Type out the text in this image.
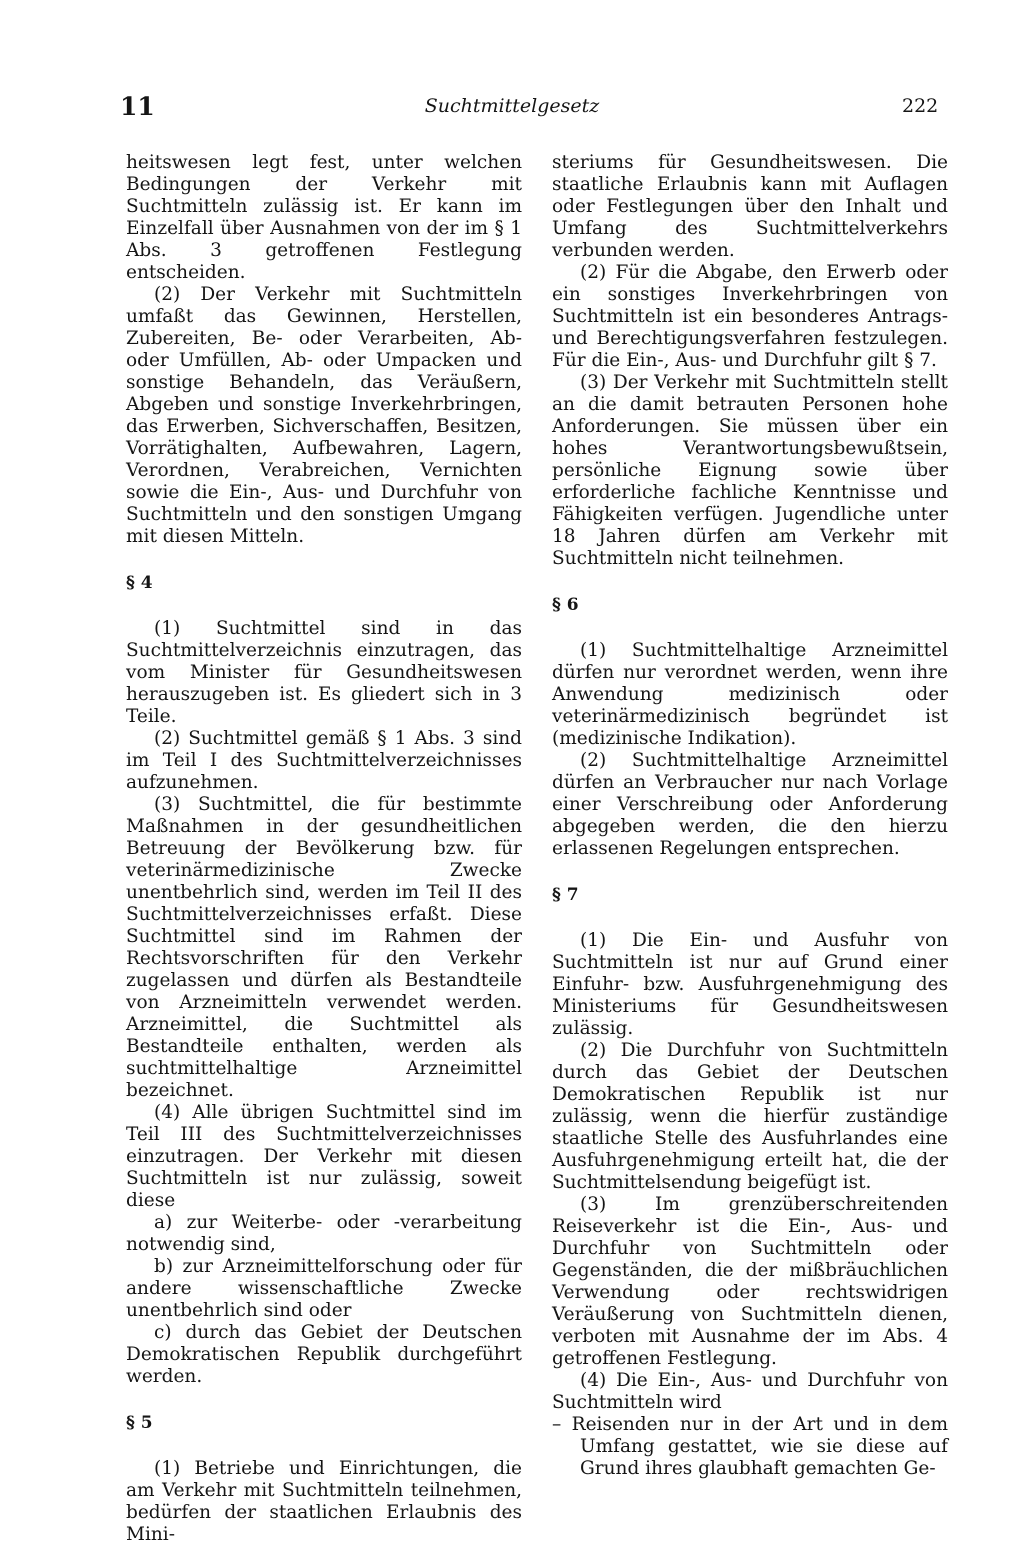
11	Suchtmittelgesetz	222

heitswesen legt fest, unter welchen Bedingungen der Verkehr mit Suchtmitteln zulässig ist. Er kann im Einzelfall über Ausnahmen von der im § 1 Abs. 3 getroffenen Festlegung entscheiden.

(2) Der Verkehr mit Suchtmitteln umfaßt das Gewinnen, Herstellen, Zubereiten, Be- oder Verarbeiten, Ab- oder Umfüllen, Ab- oder Umpacken und sonstige Behandeln, das Veräußern, Abgeben und sonstige Inverkehrbringen, das Erwerben, Sichverschaffen, Besitzen, Vorrätighalten, Aufbewahren, Lagern, Verordnen, Verabreichen, Vernichten sowie die Ein-, Aus- und Durchfuhr von Suchtmitteln und den sonstigen Umgang mit diesen Mitteln.

§ 4

(1) Suchtmittel sind in das Suchtmittelverzeichnis einzutragen, das vom Minister für Gesundheitswesen herauszugeben ist. Es gliedert sich in 3 Teile.

(2) Suchtmittel gemäß § 1 Abs. 3 sind im Teil I des Suchtmittelverzeichnisses aufzunehmen.

(3) Suchtmittel, die für bestimmte Maßnahmen in der gesundheitlichen Betreuung der Bevölkerung bzw. für veterinärmedizinische Zwecke unentbehrlich sind, werden im Teil II des Suchtmittelverzeichnisses erfaßt. Diese Suchtmittel sind im Rahmen der Rechtsvorschriften für den Verkehr zugelassen und dürfen als Bestandteile von Arzneimitteln verwendet werden. Arzneimittel, die Suchtmittel als Bestandteile enthalten, werden als suchtmittelhaltige Arzneimittel bezeichnet.

(4) Alle übrigen Suchtmittel sind im Teil III des Suchtmittelverzeichnisses einzutragen. Der Verkehr mit diesen Suchtmitteln ist nur zulässig, soweit diese

a) zur Weiterbe- oder -verarbeitung notwendig sind,

b) zur Arzneimittelforschung oder für andere wissenschaftliche Zwecke unentbehrlich sind oder

c) durch das Gebiet der Deutschen Demokratischen Republik durchgeführt werden.

§ 5

(1) Betriebe und Einrichtungen, die am Verkehr mit Suchtmitteln teilnehmen, bedürfen der staatlichen Erlaubnis des Mini-

steriums für Gesundheitswesen. Die staatliche Erlaubnis kann mit Auflagen oder Festlegungen über den Inhalt und Umfang des Suchtmittelverkehrs verbunden werden.

(2) Für die Abgabe, den Erwerb oder ein sonstiges Inverkehrbringen von Suchtmitteln ist ein besonderes Antrags- und Berechtigungsverfahren festzulegen. Für die Ein-, Aus- und Durchfuhr gilt § 7.

(3) Der Verkehr mit Suchtmitteln stellt an die damit betrauten Personen hohe Anforderungen. Sie müssen über ein hohes Verantwortungsbewußtsein, persönliche Eignung sowie über erforderliche fachliche Kenntnisse und Fähigkeiten verfügen. Jugendliche unter 18 Jahren dürfen am Verkehr mit Suchtmitteln nicht teilnehmen.

§ 6

(1) Suchtmittelhaltige Arzneimittel dürfen nur verordnet werden, wenn ihre Anwendung medizinisch oder veterinärmedizinisch begründet ist (medizinische Indikation).

(2) Suchtmittelhaltige Arzneimittel dürfen an Verbraucher nur nach Vorlage einer Verschreibung oder Anforderung abgegeben werden, die den hierzu erlassenen Regelungen entsprechen.

§ 7

(1) Die Ein- und Ausfuhr von Suchtmitteln ist nur auf Grund einer Einfuhr- bzw. Ausfuhrgenehmigung des Ministeriums für Gesundheitswesen zulässig.

(2) Die Durchfuhr von Suchtmitteln durch das Gebiet der Deutschen Demokratischen Republik ist nur zulässig, wenn die hierfür zuständige staatliche Stelle des Ausfuhrlandes eine Ausfuhrgenehmigung erteilt hat, die der Suchtmittelsendung beigefügt ist.

(3) Im grenzüberschreitenden Reiseverkehr ist die Ein-, Aus- und Durchfuhr von Suchtmitteln oder Gegenständen, die der mißbräuchlichen Verwendung oder rechtswidrigen Veräußerung von Suchtmitteln dienen, verboten mit Ausnahme der im Abs. 4 getroffenen Festlegung.

(4) Die Ein-, Aus- und Durchfuhr von Suchtmitteln wird

– Reisenden nur in der Art und in dem Umfang gestattet, wie sie diese auf Grund ihres glaubhaft gemachten Ge-
